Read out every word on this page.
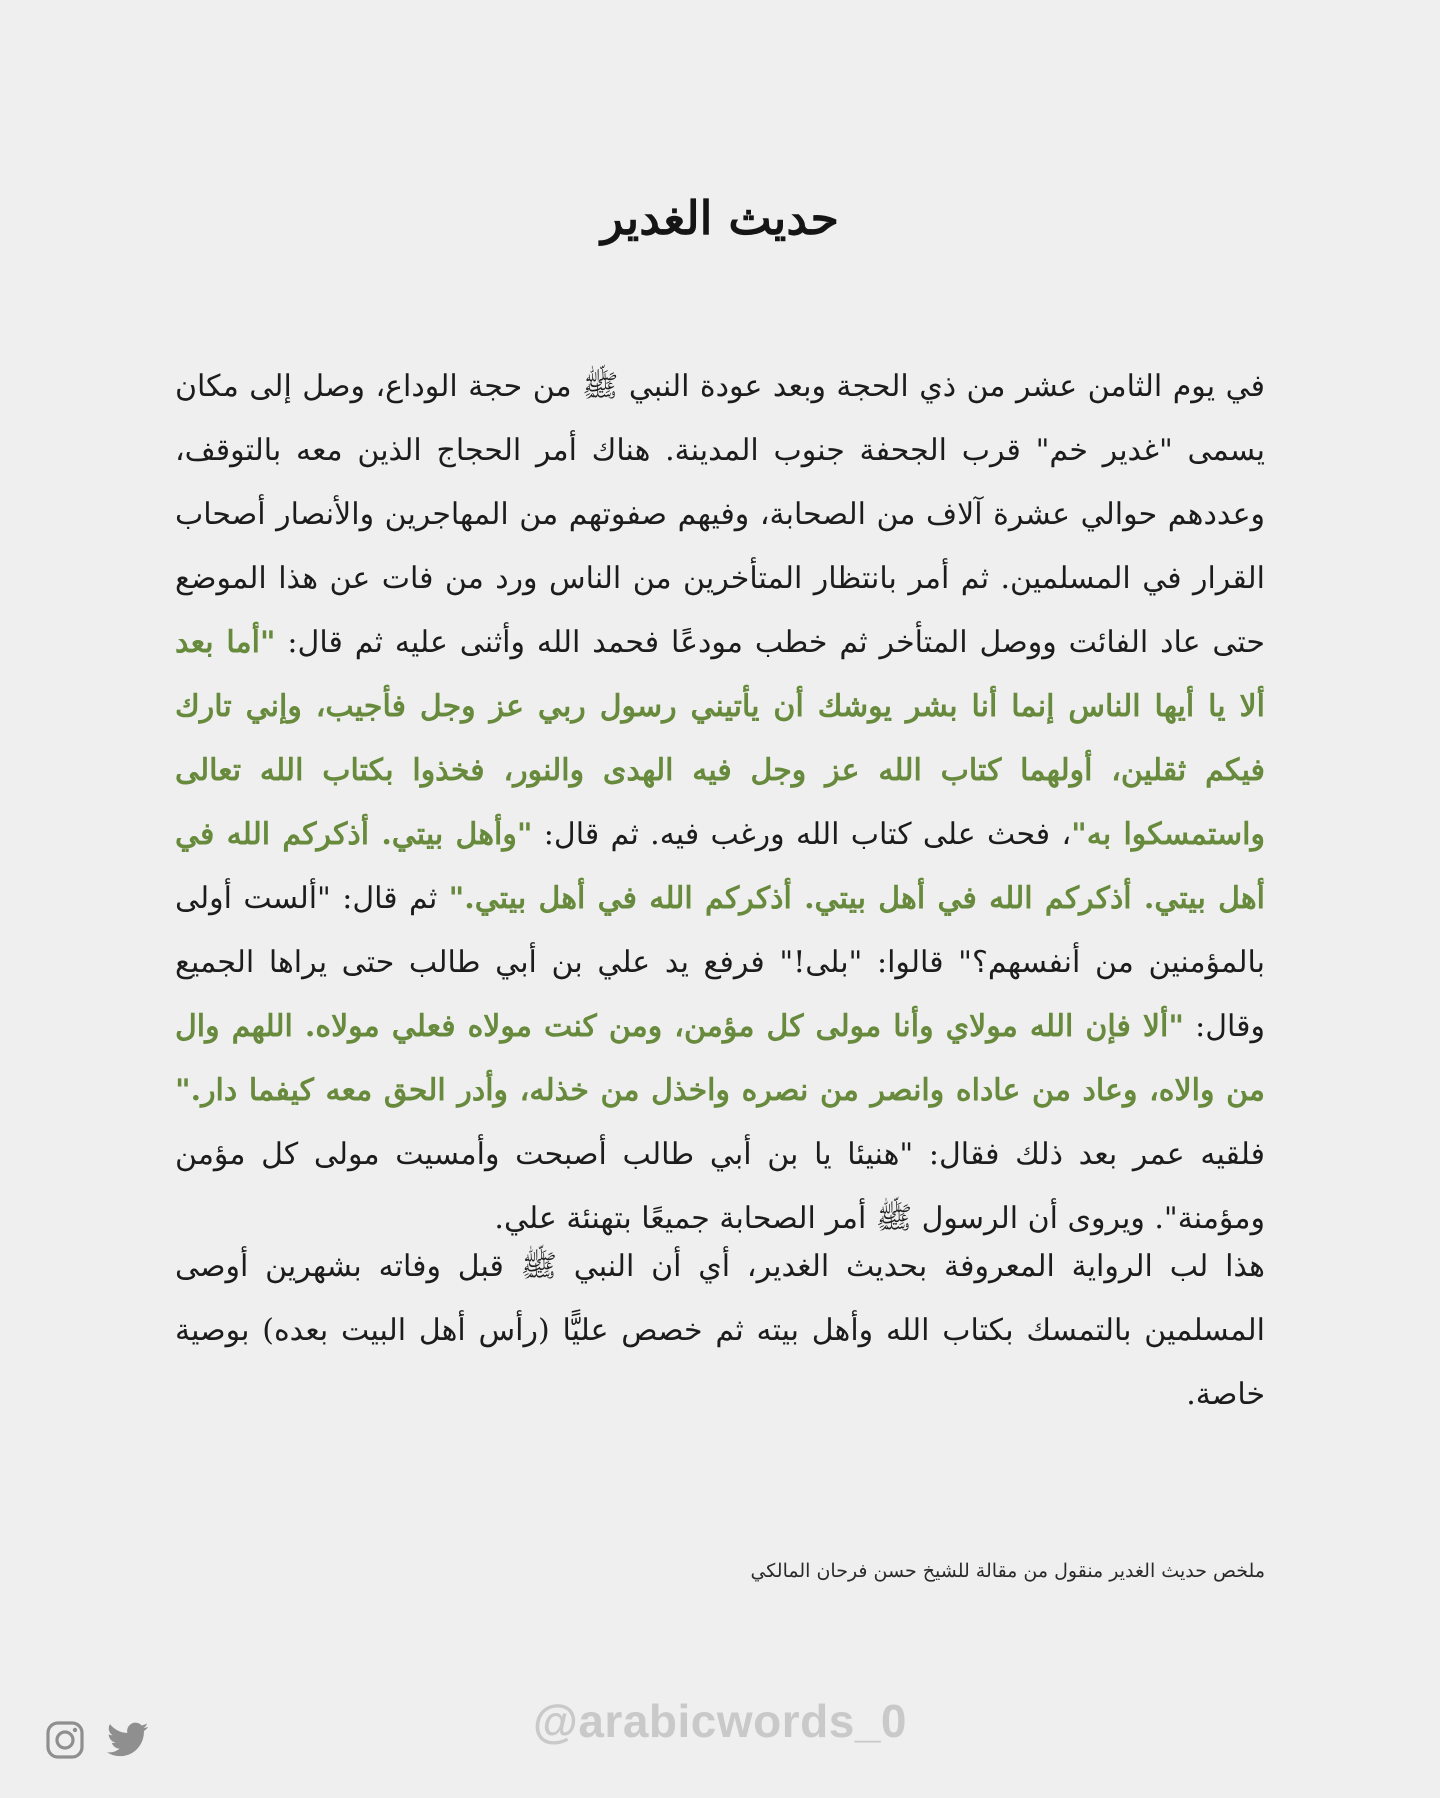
حديث الغدير

في يوم الثامن عشر من ذي الحجة وبعد عودة النبي ﷺ من حجة الوداع، وصل إلى مكان يسمى "غدير خم" قرب الجحفة جنوب المدينة. هناك أمر الحجاج الذين معه بالتوقف، وعددهم حوالي عشرة آلاف من الصحابة، وفيهم صفوتهم من المهاجرين والأنصار أصحاب القرار في المسلمين. ثم أمر بانتظار المتأخرين من الناس ورد من فات عن هذا الموضع حتى عاد الفائت ووصل المتأخر ثم خطب مودعًا فحمد الله وأثنى عليه ثم قال: "أما بعد ألا يا أيها الناس إنما أنا بشر يوشك أن يأتيني رسول ربي عز وجل فأجيب، وإني تارك فيكم ثقلين، أولهما كتاب الله عز وجل فيه الهدى والنور، فخذوا بكتاب الله تعالى واستمسكوا به"، فحث على كتاب الله ورغب فيه. ثم قال: "وأهل بيتي. أذكركم الله في أهل بيتي. أذكركم الله في أهل بيتي. أذكركم الله في أهل بيتي." ثم قال: "ألست أولى بالمؤمنين من أنفسهم؟" قالوا: "بلى!" فرفع يد علي بن أبي طالب حتى يراها الجميع وقال: "ألا فإن الله مولاي وأنا مولى كل مؤمن، ومن كنت مولاه فعلي مولاه. اللهم وال من والاه، وعاد من عاداه وانصر من نصره واخذل من خذله، وأدر الحق معه كيفما دار." فلقيه عمر بعد ذلك فقال: "هنيئا يا بن أبي طالب أصبحت وأمسيت مولى كل مؤمن ومؤمنة". ويروى أن الرسول ﷺ أمر الصحابة جميعًا بتهنئة علي.

هذا لب الرواية المعروفة بحديث الغدير، أي أن النبي ﷺ قبل وفاته بشهرين أوصى المسلمين بالتمسك بكتاب الله وأهل بيته ثم خصص عليًّا (رأس أهل البيت بعده) بوصية خاصة.

ملخص حديث الغدير منقول من مقالة للشيخ حسن فرحان المالكي
@arabicwords_0
